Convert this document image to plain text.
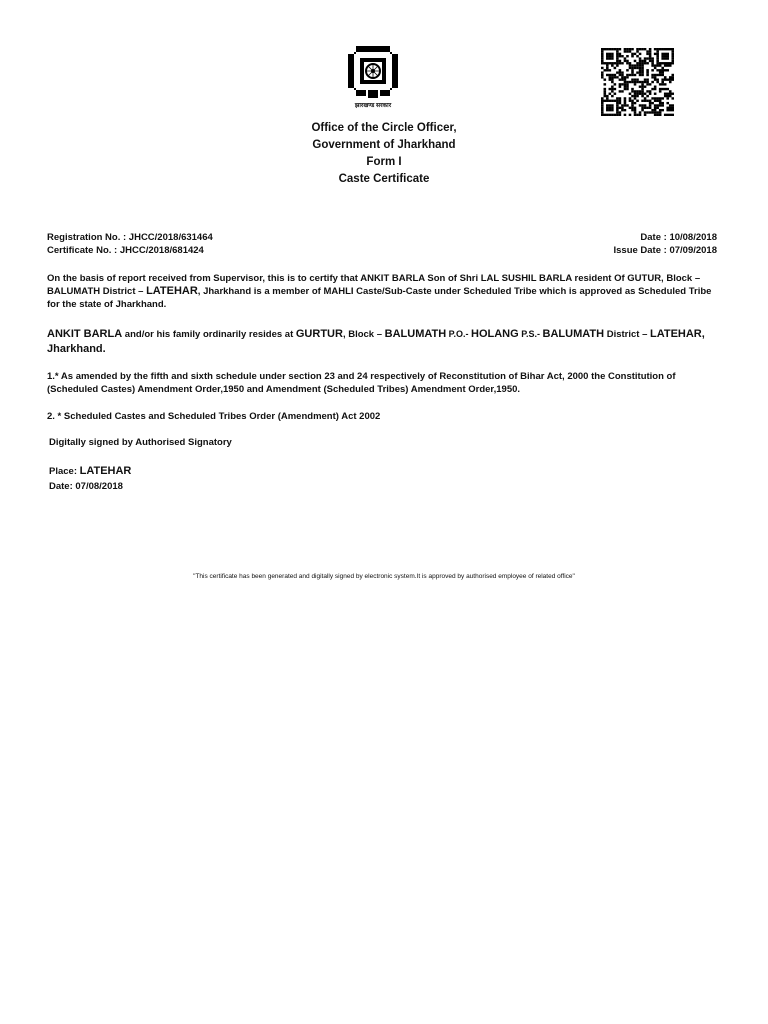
झारखण्ड सरकार
Office of the Circle Officer,
Government of Jharkhand
Form I
Caste Certificate
Registration No. : JHCC/2018/631464	Date : 10/08/2018
Certificate No. : JHCC/2018/681424	Issue Date : 07/09/2018
On the basis of report received from Supervisor, this is to certify that ANKIT BARLA Son of Shri LAL SUSHIL BARLA resident Of GUTUR, Block – BALUMATH District – LATEHAR, Jharkhand is a member of MAHLI Caste/Sub-Caste under Scheduled Tribe which is approved as Scheduled Tribe for the state of Jharkhand.
ANKIT BARLA and/or his family ordinarily resides at GURTUR, Block – BALUMATH P.O.- HOLANG P.S.- BALUMATH District – LATEHAR, Jharkhand.
1.* As amended by the fifth and sixth schedule under section 23 and 24 respectively of Reconstitution of Bihar Act, 2000 the Constitution of (Scheduled Castes) Amendment Order,1950 and Amendment (Scheduled Tribes) Amendment Order,1950.
2. * Scheduled Castes and Scheduled Tribes Order (Amendment) Act 2002
Digitally signed by Authorised Signatory
Place: LATEHAR
Date: 07/08/2018
"This certificate has been generated and digitally signed by electronic system.It is approved by authorised employee of related office"
